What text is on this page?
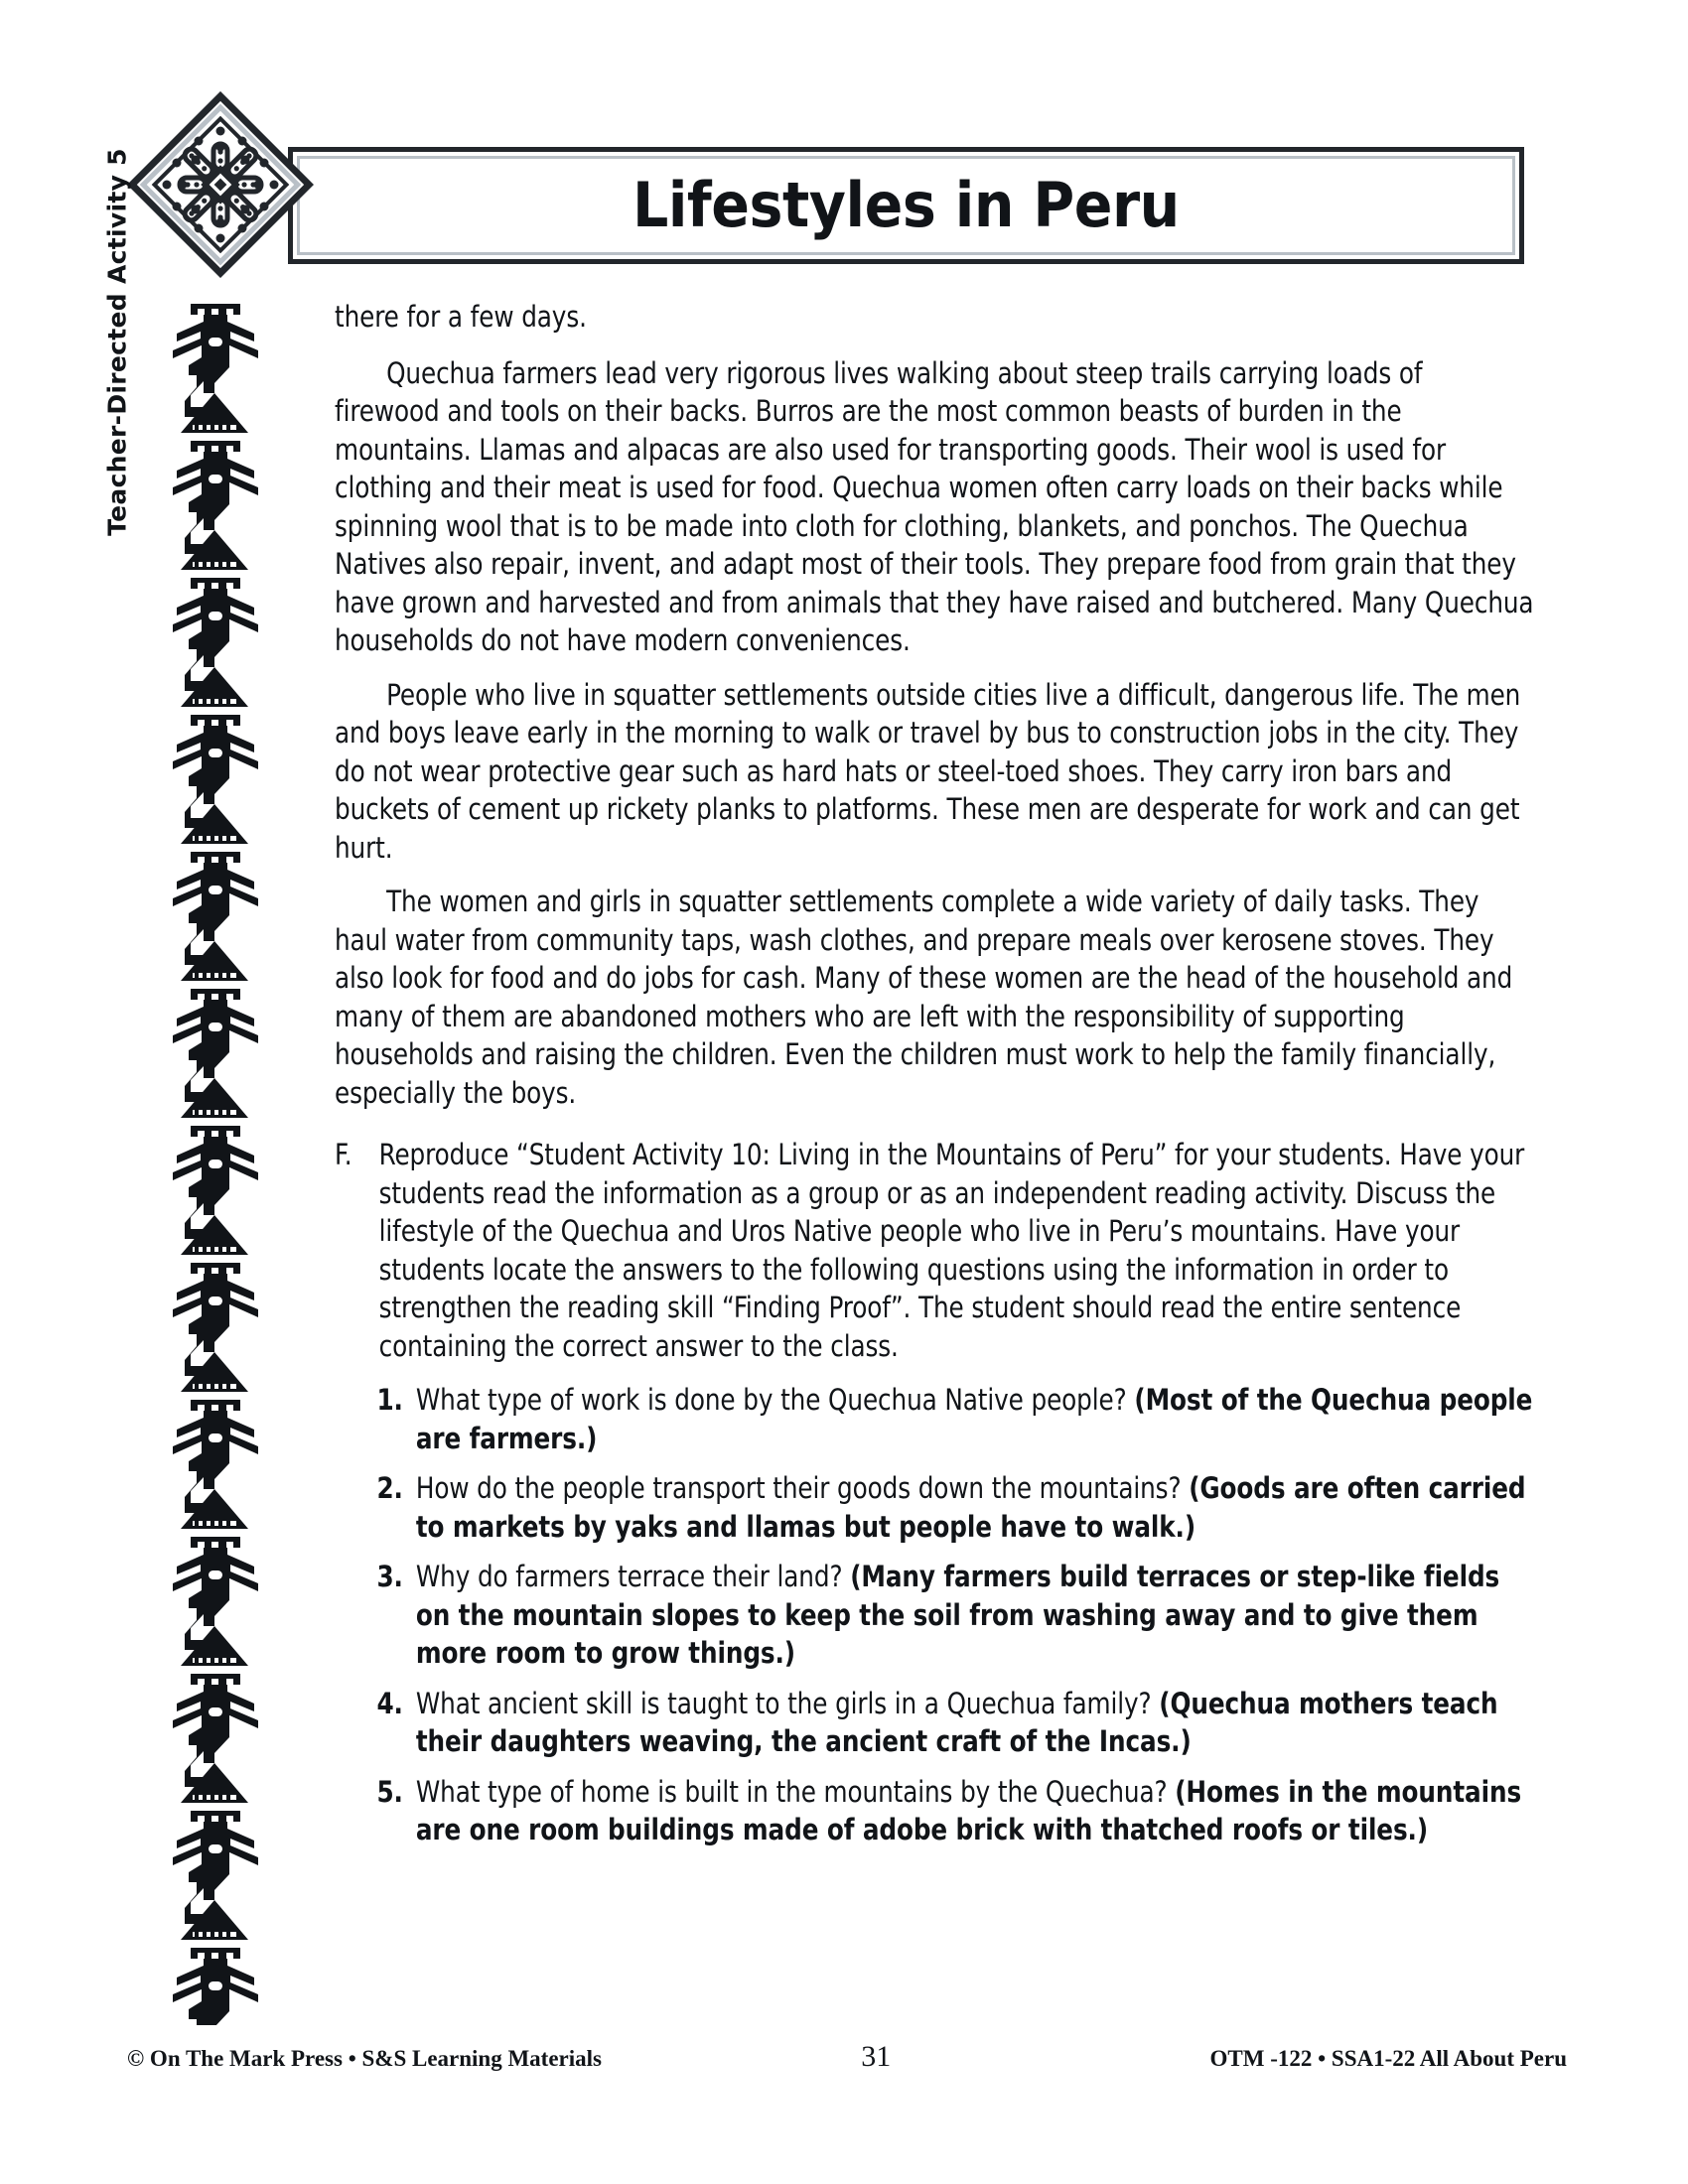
Lifestyles in Peru
Teacher-Directed Activity 5	there for a few days.

Quechua farmers lead very rigorous lives walking about steep trails carrying loads of firewood and tools on their backs. Burros are the most common beasts of burden in the mountains. Llamas and alpacas are also used for transporting goods. Their wool is used for clothing and their meat is used for food. Quechua women often carry loads on their backs while spinning wool that is to be made into cloth for clothing, blankets, and ponchos. The Quechua Natives also repair, invent, and adapt most of their tools. They prepare food from grain that they have grown and harvested and from animals that they have raised and butchered. Many Quechua households do not have modern conveniences.

People who live in squatter settlements outside cities live a difficult, dangerous life. The men and boys leave early in the morning to walk or travel by bus to construction jobs in the city. They do not wear protective gear such as hard hats or steel-toed shoes. They carry iron bars and buckets of cement up rickety planks to platforms. These men are desperate for work and can get hurt.

The women and girls in squatter settlements complete a wide variety of daily tasks. They haul water from community taps, wash clothes, and prepare meals over kerosene stoves. They also look for food and do jobs for cash. Many of these women are the head of the household and many of them are abandoned mothers who are left with the responsibility of supporting households and raising the children. Even the children must work to help the family financially, especially the boys.

F. Reproduce “Student Activity 10: Living in the Mountains of Peru” for your students. Have your students read the information as a group or as an independent reading activity. Discuss the lifestyle of the Quechua and Uros Native people who live in Peru’s mountains. Have your students locate the answers to the following questions using the information in order to strengthen the reading skill “Finding Proof”. The student should read the entire sentence containing the correct answer to the class.
1. What type of work is done by the Quechua Native people? (Most of the Quechua people are farmers.)
2. How do the people transport their goods down the mountains? (Goods are often carried to markets by yaks and llamas but people have to walk.)
3. Why do farmers terrace their land? (Many farmers build terraces or step-like fields on the mountain slopes to keep the soil from washing away and to give them more room to grow things.)
4. What ancient skill is taught to the girls in a Quechua family? (Quechua mothers teach their daughters weaving, the ancient craft of the Incas.)
5. What type of home is built in the mountains by the Quechua? (Homes in the mountains are one room buildings made of adobe brick with thatched roofs or tiles.)
© On The Mark Press • S&S Learning Materials	31	OTM -122 • SSA1-22 All About Peru
